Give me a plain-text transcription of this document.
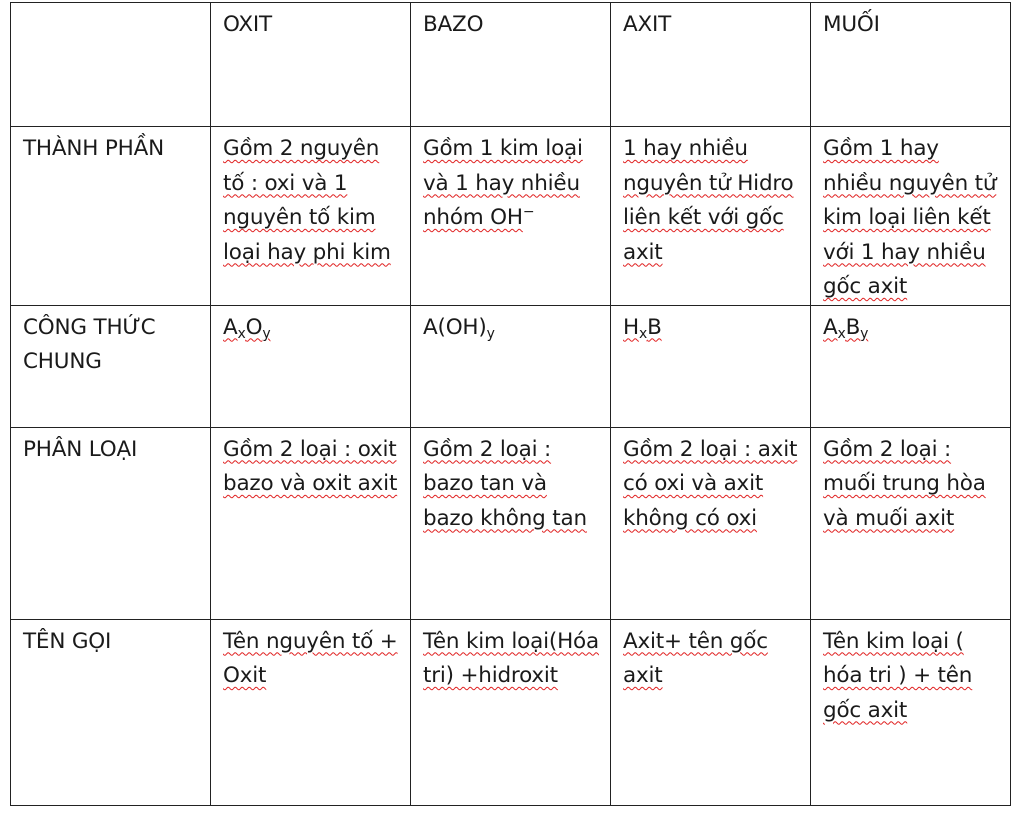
	OXIT	BAZO	AXIT	MUỐI
THÀNH PHẦN	Gồm 2 nguyên tố : oxi và 1 nguyên tố kim loại hay phi kim	Gồm 1 kim loại và 1 hay nhiều nhóm OH−	1 hay nhiều nguyên tử Hidro liên kết với gốc axit	Gồm 1 hay nhiều nguyên tử kim loại liên kết với 1 hay nhiều gốc axit
CÔNG THỨC CHUNG	$A_xO_y$	$A(OH)_y$	$H_xB$	$A_xB_y$
PHÂN LOẠI	Gồm 2 loại : oxit bazo và oxit axit	Gồm 2 loại : bazo tan và bazo không tan	Gồm 2 loại : axit có oxi và axit không có oxi	Gồm 2 loại : muối trung hòa và muối axit
TÊN GỌI	Tên nguyên tố + Oxit	Tên kim loại(Hóa tri) +hidroxit	Axit+ tên gốc axit	Tên kim loại ( hóa tri ) + tên gốc axit
